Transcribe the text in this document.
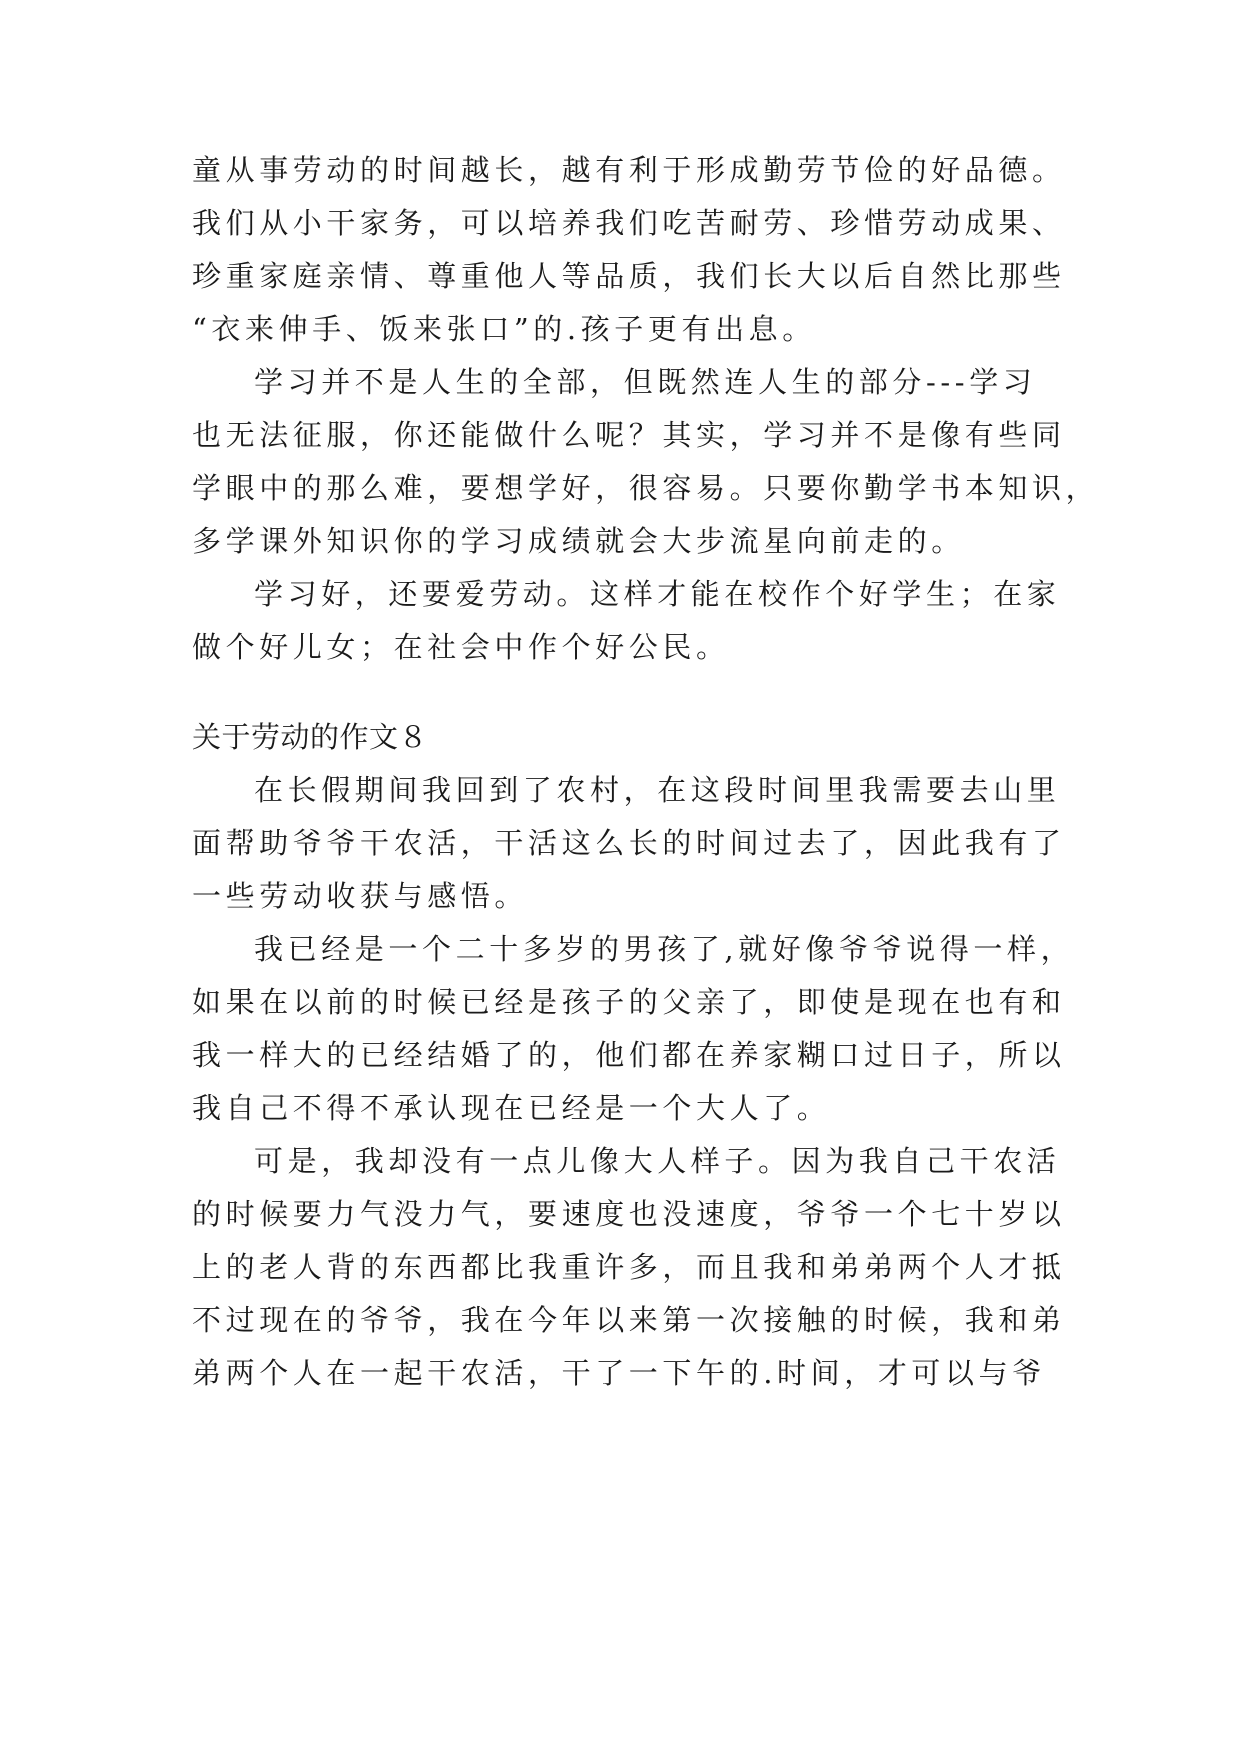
童从事劳动的时间越长，越有利于形成勤劳节俭的好品德。
我们从小干家务，可以培养我们吃苦耐劳、珍惜劳动成果、
珍重家庭亲情、尊重他人等品质，我们长大以后自然比那些
“衣来伸手、饭来张口”的.孩子更有出息。
学习并不是人生的全部，但既然连人生的部分---学习
也无法征服，你还能做什么呢？其实，学习并不是像有些同
学眼中的那么难，要想学好，很容易。只要你勤学书本知识，
多学课外知识你的学习成绩就会大步流星向前走的。
学习好，还要爱劳动。这样才能在校作个好学生；在家
做个好儿女；在社会中作个好公民。
关于劳动的作文８
在长假期间我回到了农村，在这段时间里我需要去山里
面帮助爷爷干农活，干活这么长的时间过去了，因此我有了
一些劳动收获与感悟。
我已经是一个二十多岁的男孩了,就好像爷爷说得一样，
如果在以前的时候已经是孩子的父亲了，即使是现在也有和
我一样大的已经结婚了的，他们都在养家糊口过日子，所以
我自己不得不承认现在已经是一个大人了。
可是，我却没有一点儿像大人样子。因为我自己干农活
的时候要力气没力气，要速度也没速度，爷爷一个七十岁以
上的老人背的东西都比我重许多，而且我和弟弟两个人才抵
不过现在的爷爷，我在今年以来第一次接触的时候，我和弟
弟两个人在一起干农活，干了一下午的.时间，才可以与爷
